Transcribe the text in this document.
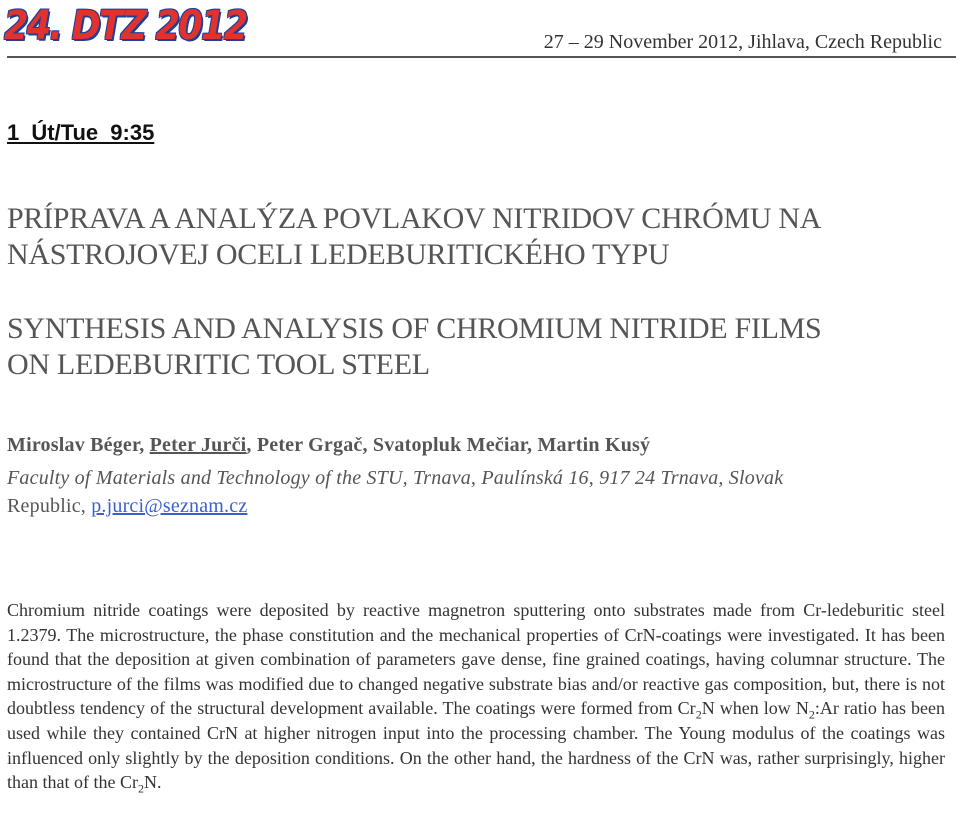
24. DTZ 2012	27 – 29 November 2012, Jihlava, Czech Republic
1 Út/Tue 9:35
PRÍPRAVA A ANALÝZA POVLAKOV NITRIDOV CHRÓMU NA
NÁSTROJOVEJ OCELI LEDEBURITICKÉHO TYPU
SYNTHESIS AND ANALYSIS OF CHROMIUM NITRIDE FILMS
ON LEDEBURITIC TOOL STEEL
Miroslav Béger, Peter Jurči, Peter Grgač, Svatopluk Mečiar, Martin Kusý
Faculty of Materials and Technology of the STU, Trnava, Paulínská 16, 917 24 Trnava, Slovak
Republic, p.jurci@seznam.cz
Chromium nitride coatings were deposited by reactive magnetron sputtering onto substrates made from Cr-ledeburitic steel 1.2379. The microstructure, the phase constitution and the mechanical properties of CrN-coatings were investigated. It has been found that the deposition at given combination of parameters gave dense, fine grained coatings, having columnar structure. The microstructure of the films was modified due to changed negative substrate bias and/or reactive gas composition, but, there is not doubtless tendency of the structural development available. The coatings were formed from $Cr_2N$ when low $N_2:Ar$ ratio has been used while they contained CrN at higher nitrogen input into the processing chamber. The Young modulus of the coatings was influenced only slightly by the deposition conditions. On the other hand, the hardness of the CrN was, rather surprisingly, higher than that of the $Cr_2N$.
